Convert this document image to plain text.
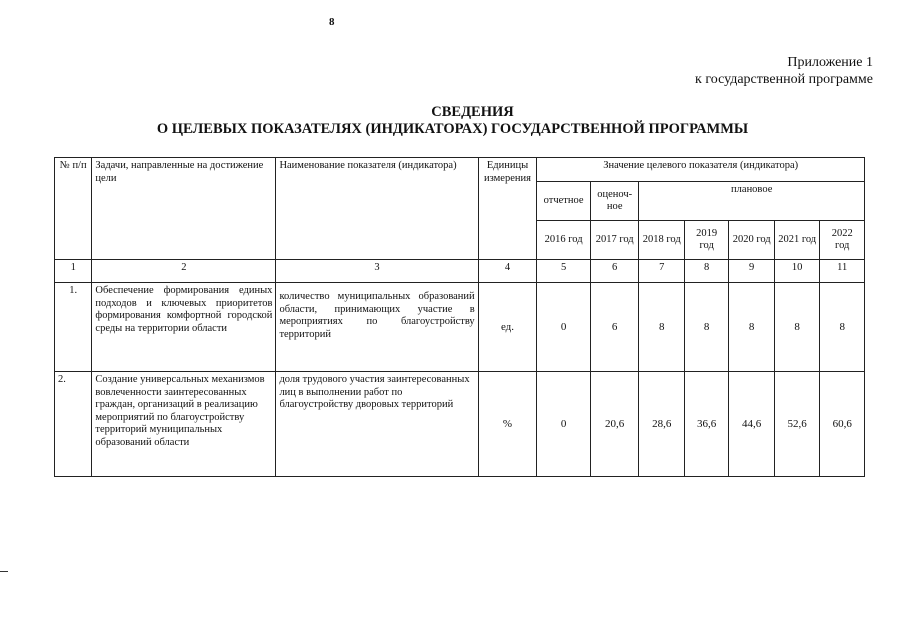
8
Приложение 1
к государственной программе
СВЕДЕНИЯ
О ЦЕЛЕВЫХ ПОКАЗАТЕЛЯХ (ИНДИКАТОРАХ) ГОСУДАРСТВЕННОЙ ПРОГРАММЫ
№ п/п	Задачи, направленные на достижение цели	Наименование показателя (индикатора)	Единицы измерения	Значение целевого показателя (индикатора)						
				отчетное	оценоч-ное	плановое				
				2016 год	2017 год	2018 год	2019 год	2020 год	2021 год	2022 год
1	2	3	4	5	6	7	8	9	10	11
1.	Обеспечение формирования единых подходов и ключевых приоритетов формирования комфортной городской среды на территории области	количество муниципальных образований области, принимающих участие в мероприятиях по благоустройству территорий	ед.	0	6	8	8	8	8	8
2.	Создание универсальных механизмов вовлеченности заинтересованных граждан, организаций в реализацию мероприятий по благоустройству территорий муниципальных образований области	доля трудового участия заинтересованных лиц в выполнении работ по благоустройству дворовых территорий	%	0	20,6	28,6	36,6	44,6	52,6	60,6
